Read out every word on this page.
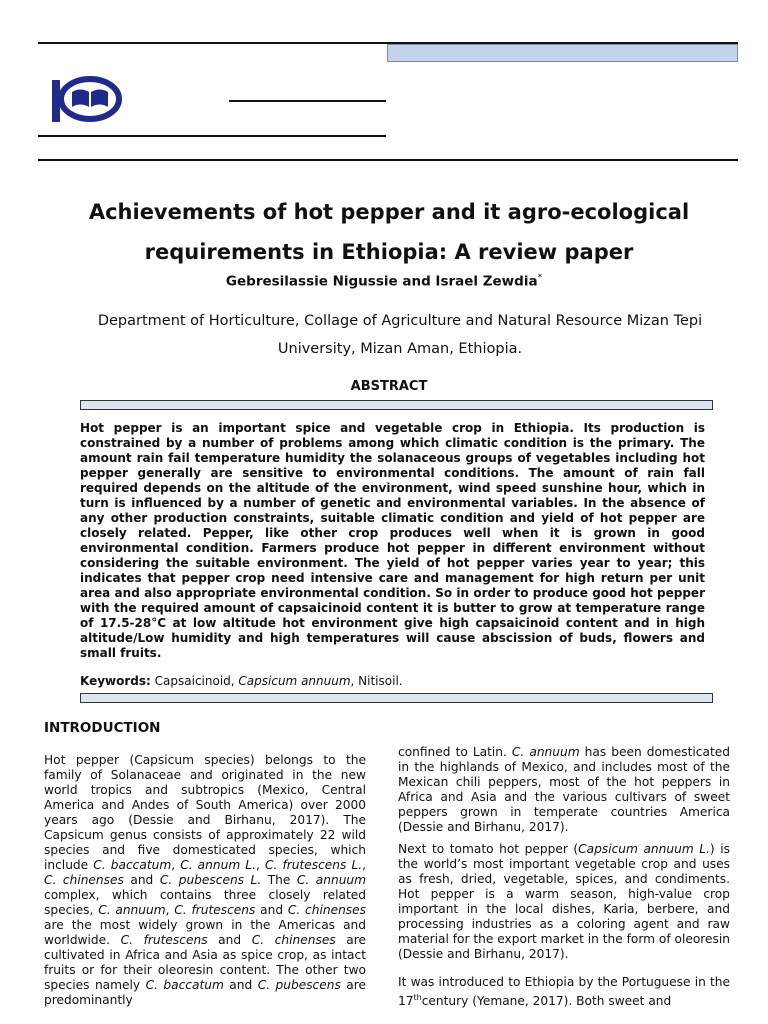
Achievements of hot pepper and it agro-ecological
requirements in Ethiopia: A review paper
Gebresilassie Nigussie and Israel Zewdia*
Department of Horticulture, Collage of Agriculture and Natural Resource Mizan Tepi
University, Mizan Aman, Ethiopia.
ABSTRACT

Hot pepper is an important spice and vegetable crop in Ethiopia. Its production is constrained by a number of problems among which climatic condition is the primary. The amount rain fail temperature humidity the solanaceous groups of vegetables including hot pepper generally are sensitive to environmental conditions. The amount of rain fall required depends on the altitude of the environment, wind speed sunshine hour, which in turn is influenced by a number of genetic and environmental variables. In the absence of any other production constraints, suitable climatic condition and yield of hot pepper are closely related. Pepper, like other crop produces well when it is grown in good environmental condition. Farmers produce hot pepper in different environment without considering the suitable environment. The yield of hot pepper varies year to year; this indicates that pepper crop need intensive care and management for high return per unit area and also appropriate environmental condition. So in order to produce good hot pepper with the required amount of capsaicinoid content it is butter to grow at temperature range of 17.5-28°C at low altitude hot environment give high capsaicinoid content and in high altitude/Low humidity and high temperatures will cause abscission of buds, flowers and small fruits.

Keywords: Capsaicinoid, Capsicum annuum, Nitisoil.
INTRODUCTION

Hot pepper (Capsicum species) belongs to the family of Solanaceae and originated in the new world tropics and subtropics (Mexico, Central America and Andes of South America) over 2000 years ago (Dessie and Birhanu, 2017). The Capsicum genus consists of approximately 22 wild species and five domesticated species, which include C. baccatum, C. annum L., C. frutescens L., C. chinenses and C. pubescens L. The C. annuum complex, which contains three closely related species, C. annuum, C. frutescens and C. chinenses are the most widely grown in the Americas and worldwide. C. frutescens and C. chinenses are cultivated in Africa and Asia as spice crop, as intact fruits or for their oleoresin content. The other two species namely C. baccatum and C. pubescens are predominantly

confined to Latin. C. annuum has been domesticated in the highlands of Mexico, and includes most of the Mexican chili peppers, most of the hot peppers in Africa and Asia and the various cultivars of sweet peppers grown in temperate countries America (Dessie and Birhanu, 2017).

Next to tomato hot pepper (Capsicum annuum L.) is the world’s most important vegetable crop and uses as fresh, dried, vegetable, spices, and condiments. Hot pepper is a warm season, high-value crop important in the local dishes, Karia, berbere, and processing industries as a coloring agent and raw material for the export market in the form of oleoresin (Dessie and Birhanu, 2017).

It was introduced to Ethiopia by the Portuguese in the 17thcentury (Yemane, 2017). Both sweet and
